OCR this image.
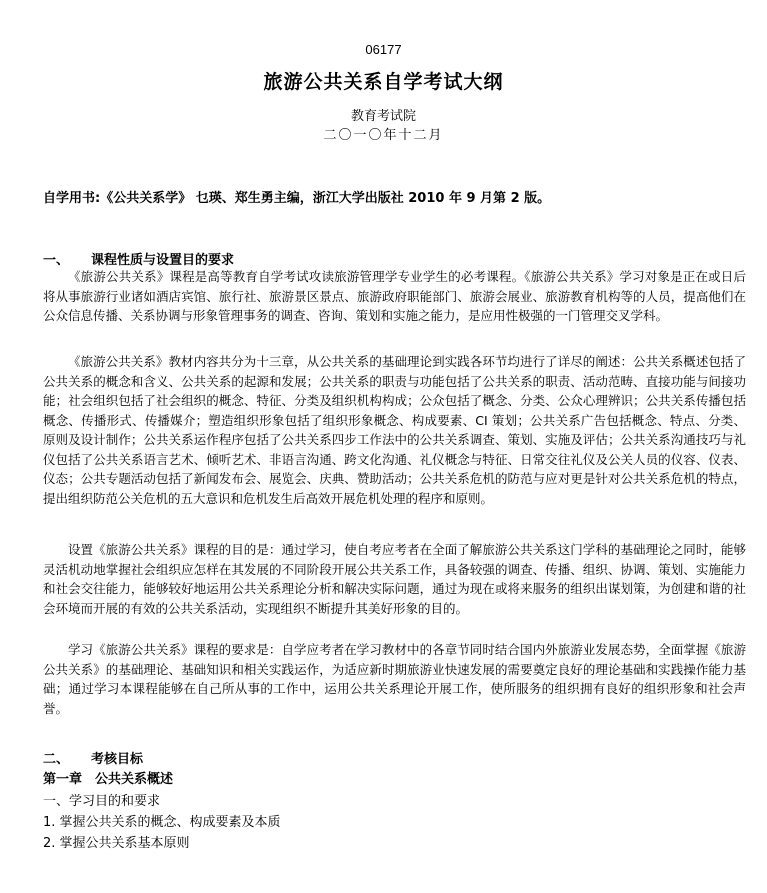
06177
旅游公共关系自学考试大纲
教育考试院
二〇一〇年十二月
自学用书:《公共关系学》 乜瑛、郑生勇主编，浙江大学出版社 2010 年 9 月第 2 版。
一、 课程性质与设置目的要求

《旅游公共关系》课程是高等教育自学考试攻读旅游管理学专业学生的必考课程。《旅游公共关系》学习对象是正在或日后将从事旅游行业诸如酒店宾馆、旅行社、旅游景区景点、旅游政府职能部门、旅游会展业、旅游教育机构等的人员，提高他们在公众信息传播、关系协调与形象管理事务的调查、咨询、策划和实施之能力，是应用性极强的一门管理交叉学科。

《旅游公共关系》教材内容共分为十三章，从公共关系的基础理论到实践各环节均进行了详尽的阐述：公共关系概述包括了公共关系的概念和含义、公共关系的起源和发展；公共关系的职责与功能包括了公共关系的职责、活动范畴、直接功能与间接功能；社会组织包括了社会组织的概念、特征、分类及组织机构构成；公众包括了概念、分类、公众心理辨识；公共关系传播包括概念、传播形式、传播媒介；塑造组织形象包括了组织形象概念、构成要素、CI 策划；公共关系广告包括概念、特点、分类、原则及设计制作；公共关系运作程序包括了公共关系四步工作法中的公共关系调查、策划、实施及评估；公共关系沟通技巧与礼仪包括了公共关系语言艺术、倾听艺术、非语言沟通、跨文化沟通、礼仪概念与特征、日常交往礼仪及公关人员的仪容、仪表、仪态；公共专题活动包括了新闻发布会、展览会、庆典、赞助活动；公共关系危机的防范与应对更是针对公共关系危机的特点，提出组织防范公关危机的五大意识和危机发生后高效开展危机处理的程序和原则。

设置《旅游公共关系》课程的目的是：通过学习，使自考应考者在全面了解旅游公共关系这门学科的基础理论之同时，能够灵活机动地掌握社会组织应怎样在其发展的不同阶段开展公共关系工作，具备较强的调查、传播、组织、协调、策划、实施能力和社会交往能力，能够较好地运用公共关系理论分析和解决实际问题，通过为现在或将来服务的组织出谋划策，为创建和谐的社会环境而开展的有效的公共关系活动，实现组织不断提升其美好形象的目的。

学习《旅游公共关系》课程的要求是：自学应考者在学习教材中的各章节同时结合国内外旅游业发展态势，全面掌握《旅游公共关系》的基础理论、基础知识和相关实践运作，为适应新时期旅游业快速发展的需要奠定良好的理论基础和实践操作能力基础；通过学习本课程能够在自己所从事的工作中，运用公共关系理论开展工作，使所服务的组织拥有良好的组织形象和社会声誉。

二、 考核目标
第一章　公共关系概述
一、学习目的和要求
1. 掌握公共关系的概念、构成要素及本质
2. 掌握公共关系基本原则
